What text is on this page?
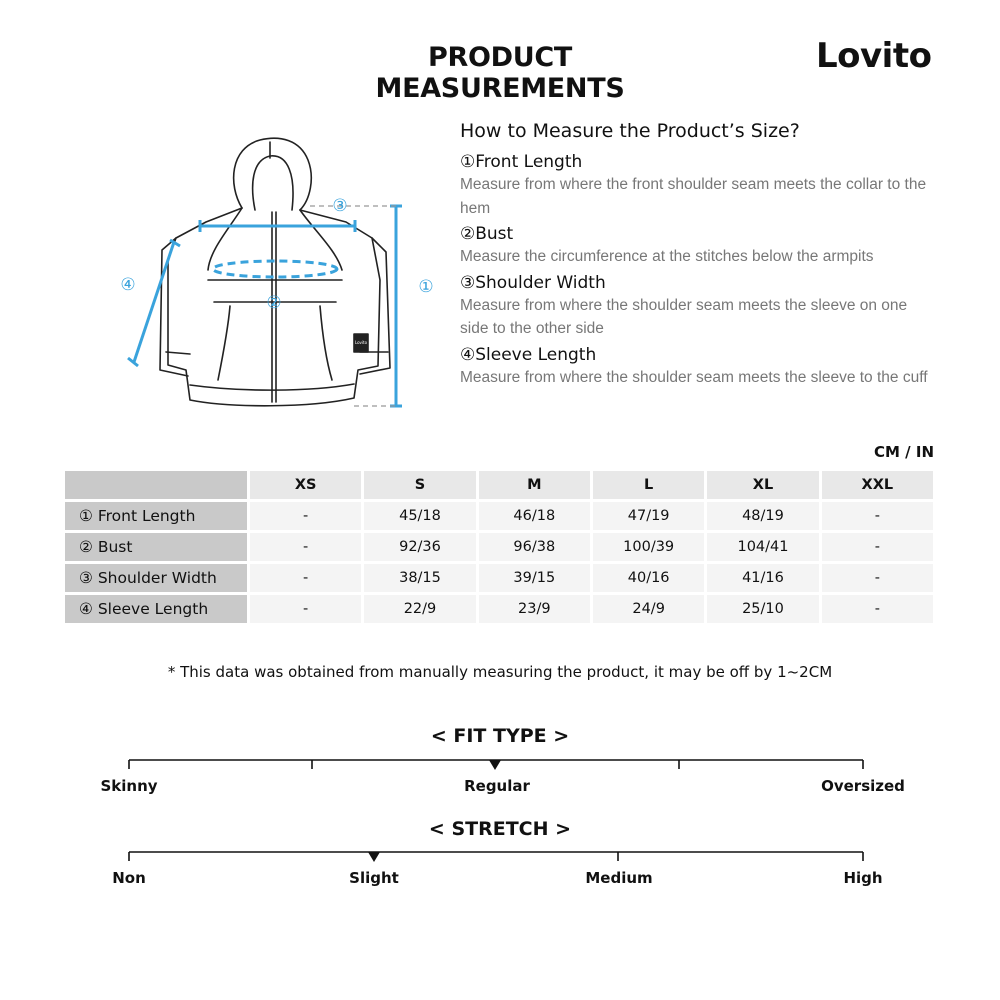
PRODUCT MEASUREMENTS
Lovito
①
②
③
④
Lovito
How to Measure the Product’s Size?
①Front Length
Measure from where the front shoulder seam meets the collar to the hem
②Bust
Measure the circumference at the stitches below the armpits
③Shoulder Width
Measure from where the shoulder seam meets the sleeve on one side to the other side
④Sleeve Length
Measure from where the shoulder seam meets the sleeve to the cuff
CM / IN
	XS	S	M	L	XL	XXL
① Front Length	-	45/18	46/18	47/19	48/19	-
② Bust	-	92/36	96/38	100/39	104/41	-
③ Shoulder Width	-	38/15	39/15	40/16	41/16	-
④ Sleeve Length	-	22/9	23/9	24/9	25/10	-
* This data was obtained from manually measuring the product, it may be off by 1~2CM
< FIT TYPE >
Skinny	Regular	Oversized
< STRETCH >
Non	Slight	Medium	High
